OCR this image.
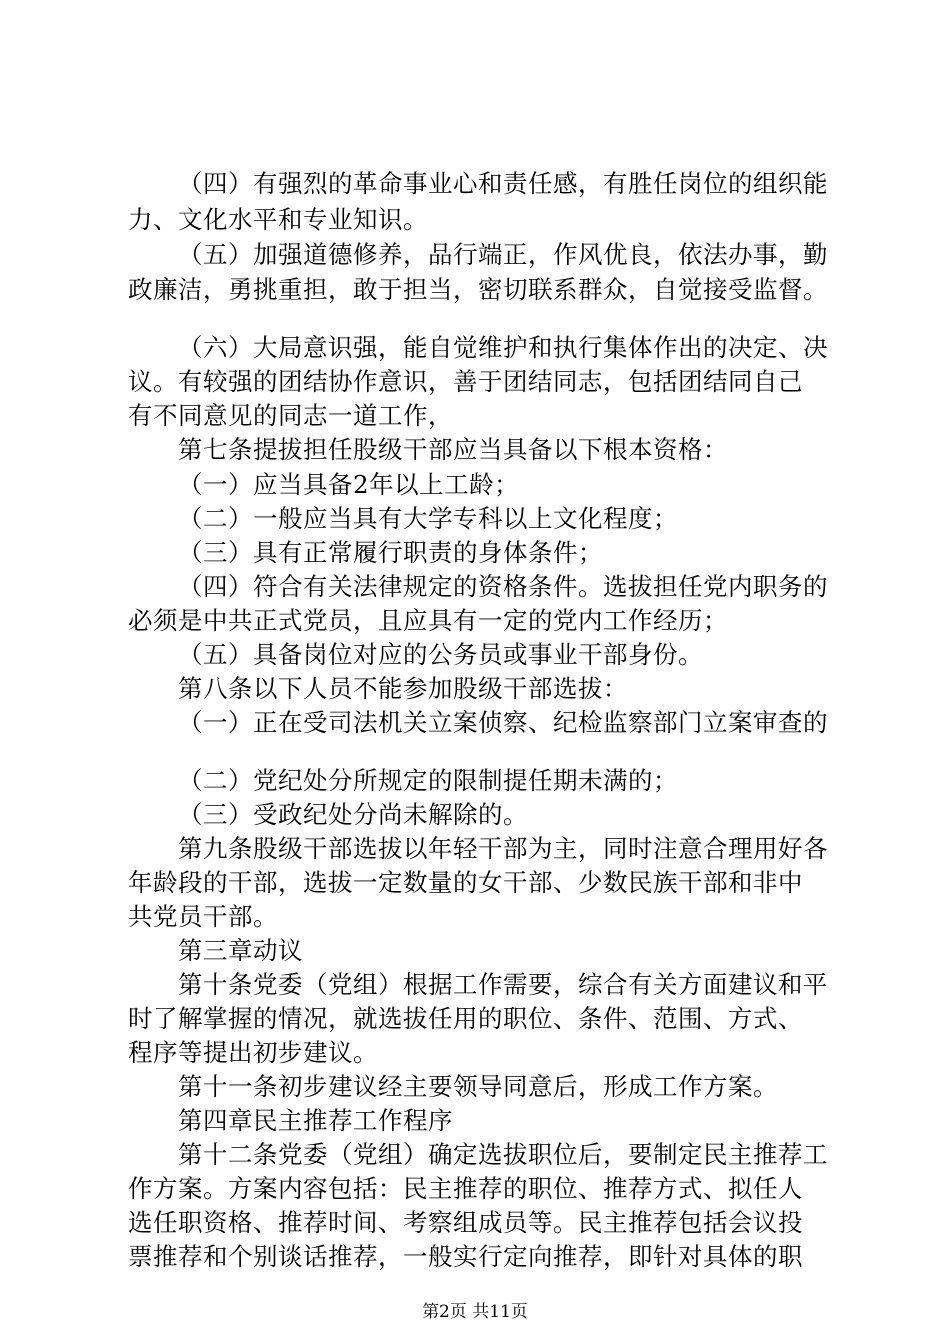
（四）有强烈的革命事业心和责任感，有胜任岗位的组织能
力、文化水平和专业知识。
（五）加强道德修养，品行端正，作风优良，依法办事，勤
政廉洁，勇挑重担，敢于担当，密切联系群众，自觉接受监督。
（六）大局意识强，能自觉维护和执行集体作出的决定、决
议。有较强的团结协作意识，善于团结同志，包括团结同自己
有不同意见的同志一道工作，
第七条提拔担任股级干部应当具备以下根本资格：
（一）应当具备2年以上工龄；
（二）一般应当具有大学专科以上文化程度；
（三）具有正常履行职责的身体条件；
（四）符合有关法律规定的资格条件。选拔担任党内职务的
必须是中共正式党员，且应具有一定的党内工作经历；
（五）具备岗位对应的公务员或事业干部身份。
第八条以下人员不能参加股级干部选拔：
（一）正在受司法机关立案侦察、纪检监察部门立案审查的
（二）党纪处分所规定的限制提任期未满的；
（三）受政纪处分尚未解除的。
第九条股级干部选拔以年轻干部为主，同时注意合理用好各
年龄段的干部，选拔一定数量的女干部、少数民族干部和非中
共党员干部。
第三章动议
第十条党委（党组）根据工作需要，综合有关方面建议和平
时了解掌握的情况，就选拔任用的职位、条件、范围、方式、
程序等提出初步建议。
第十一条初步建议经主要领导同意后，形成工作方案。
第四章民主推荐工作程序
第十二条党委（党组）确定选拔职位后，要制定民主推荐工
作方案。方案内容包括：民主推荐的职位、推荐方式、拟任人
选任职资格、推荐时间、考察组成员等。民主推荐包括会议投
票推荐和个别谈话推荐，一般实行定向推荐，即针对具体的职
第2页 共11页
